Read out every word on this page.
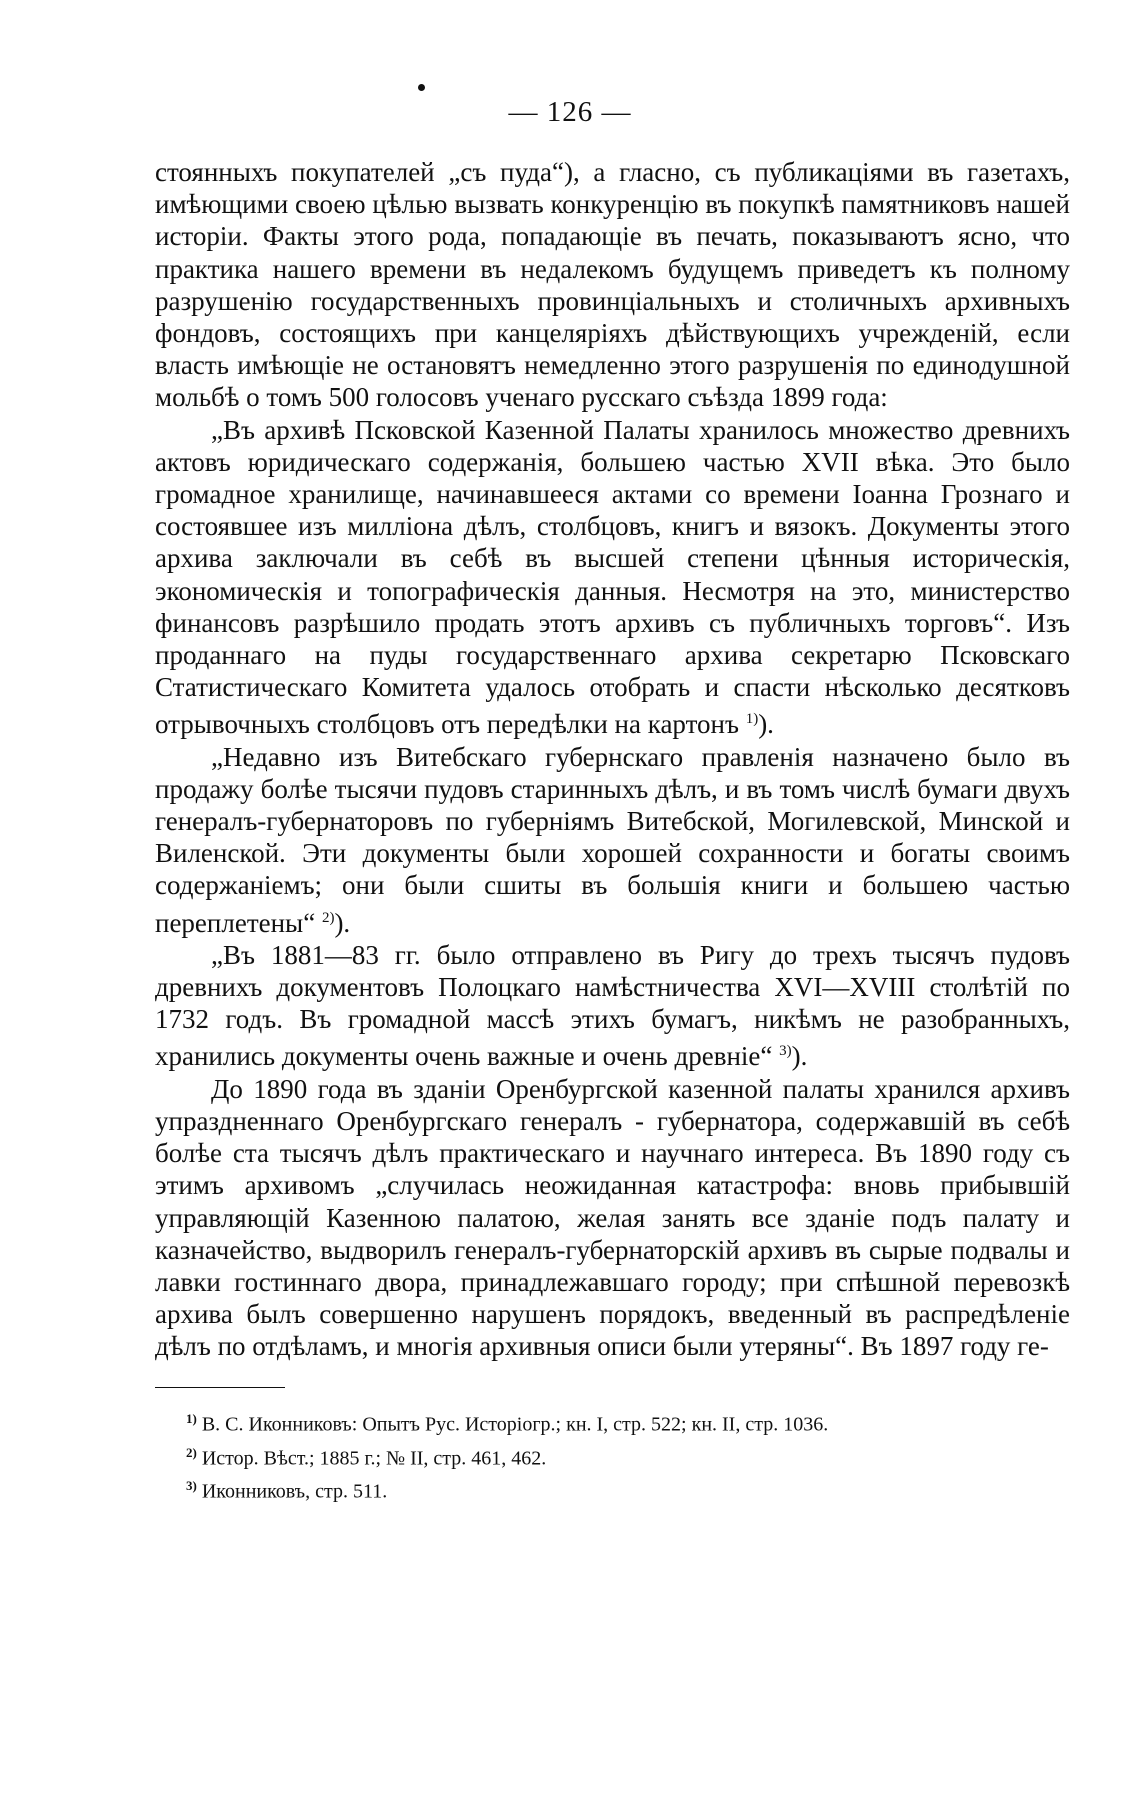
— 126 —

стоянныхъ покупателей „съ пуда“), а гласно, съ публикаціями въ газетахъ, имѣющими своею цѣлью вызвать конкуренцію въ покупкѣ памятниковъ нашей исторіи. Факты этого рода, попадающіе въ печать, показываютъ ясно, что практика нашего времени въ недалекомъ будущемъ приведетъ къ полному разрушенію государственныхъ провинціальныхъ и столичныхъ архивныхъ фондовъ, состоящихъ при канцеляріяхъ дѣйствующихъ учрежденій, если власть имѣющіе не остановятъ немедленно этого разрушенія по единодушной мольбѣ о томъ 500 голосовъ ученаго русскаго съѣзда 1899 года:

„Въ архивѣ Псковской Казенной Палаты хранилось множество древнихъ актовъ юридическаго содержанія, большею частью XVII вѣка. Это было громадное хранилище, начинавшееся актами со времени Іоанна Грознаго и состоявшее изъ милліона дѣлъ, столбцовъ, книгъ и вязокъ. Документы этого архива заключали въ себѣ въ высшей степени цѣнныя историческія, экономическія и топографическія данныя. Несмотря на это, министерство финансовъ разрѣшило продать этотъ архивъ съ публичныхъ торговъ“. Изъ проданнаго на пуды государственнаго архива секретарю Псковскаго Статистическаго Комитета удалось отобрать и спасти нѣсколько десятковъ отрывочныхъ столбцовъ отъ передѣлки на картонъ $^{1)}$).

„Недавно изъ Витебскаго губернскаго правленія назначено было въ продажу болѣе тысячи пудовъ старинныхъ дѣлъ, и въ томъ числѣ бумаги двухъ генералъ-губернаторовъ по губерніямъ Витебской, Могилевской, Минской и Виленской. Эти документы были хорошей сохранности и богаты своимъ содержаніемъ; они были сшиты въ большія книги и большею частью переплетены“ $^{2)}$).

„Въ 1881—83 гг. было отправлено въ Ригу до трехъ тысячъ пудовъ древнихъ документовъ Полоцкаго намѣстничества XVI—XVIII столѣтій по 1732 годъ. Въ громадной массѣ этихъ бумагъ, никѣмъ не разобранныхъ, хранились документы очень важные и очень древніе“ $^{3)}$).

До 1890 года въ зданіи Оренбургской казенной палаты хранился архивъ упраздненнаго Оренбургскаго генералъ - губернатора, содержавшій въ себѣ болѣе ста тысячъ дѣлъ практическаго и научнаго интереса. Въ 1890 году съ этимъ архивомъ „случилась неожиданная катастрофа: вновь прибывшій управляющій Казенною палатою, желая занять все зданіе подъ палату и казначейство, выдворилъ генералъ-губернаторскій архивъ въ сырые подвалы и лавки гостиннаго двора, принадлежавшаго городу; при спѣшной перевозкѣ архива былъ совершенно нарушенъ порядокъ, введенный въ распредѣленіе дѣлъ по отдѣламъ, и многія архивныя описи были утеряны“. Въ 1897 году ге-

$^{1)}$ В. С. Иконниковъ: Опытъ Рус. Исторіогр.; кн. I, стр. 522; кн. II, стр. 1036.
$^{2)}$ Истор. Вѣст.; 1885 г.; № II, стр. 461, 462.
$^{3)}$ Иконниковъ, стр. 511.
